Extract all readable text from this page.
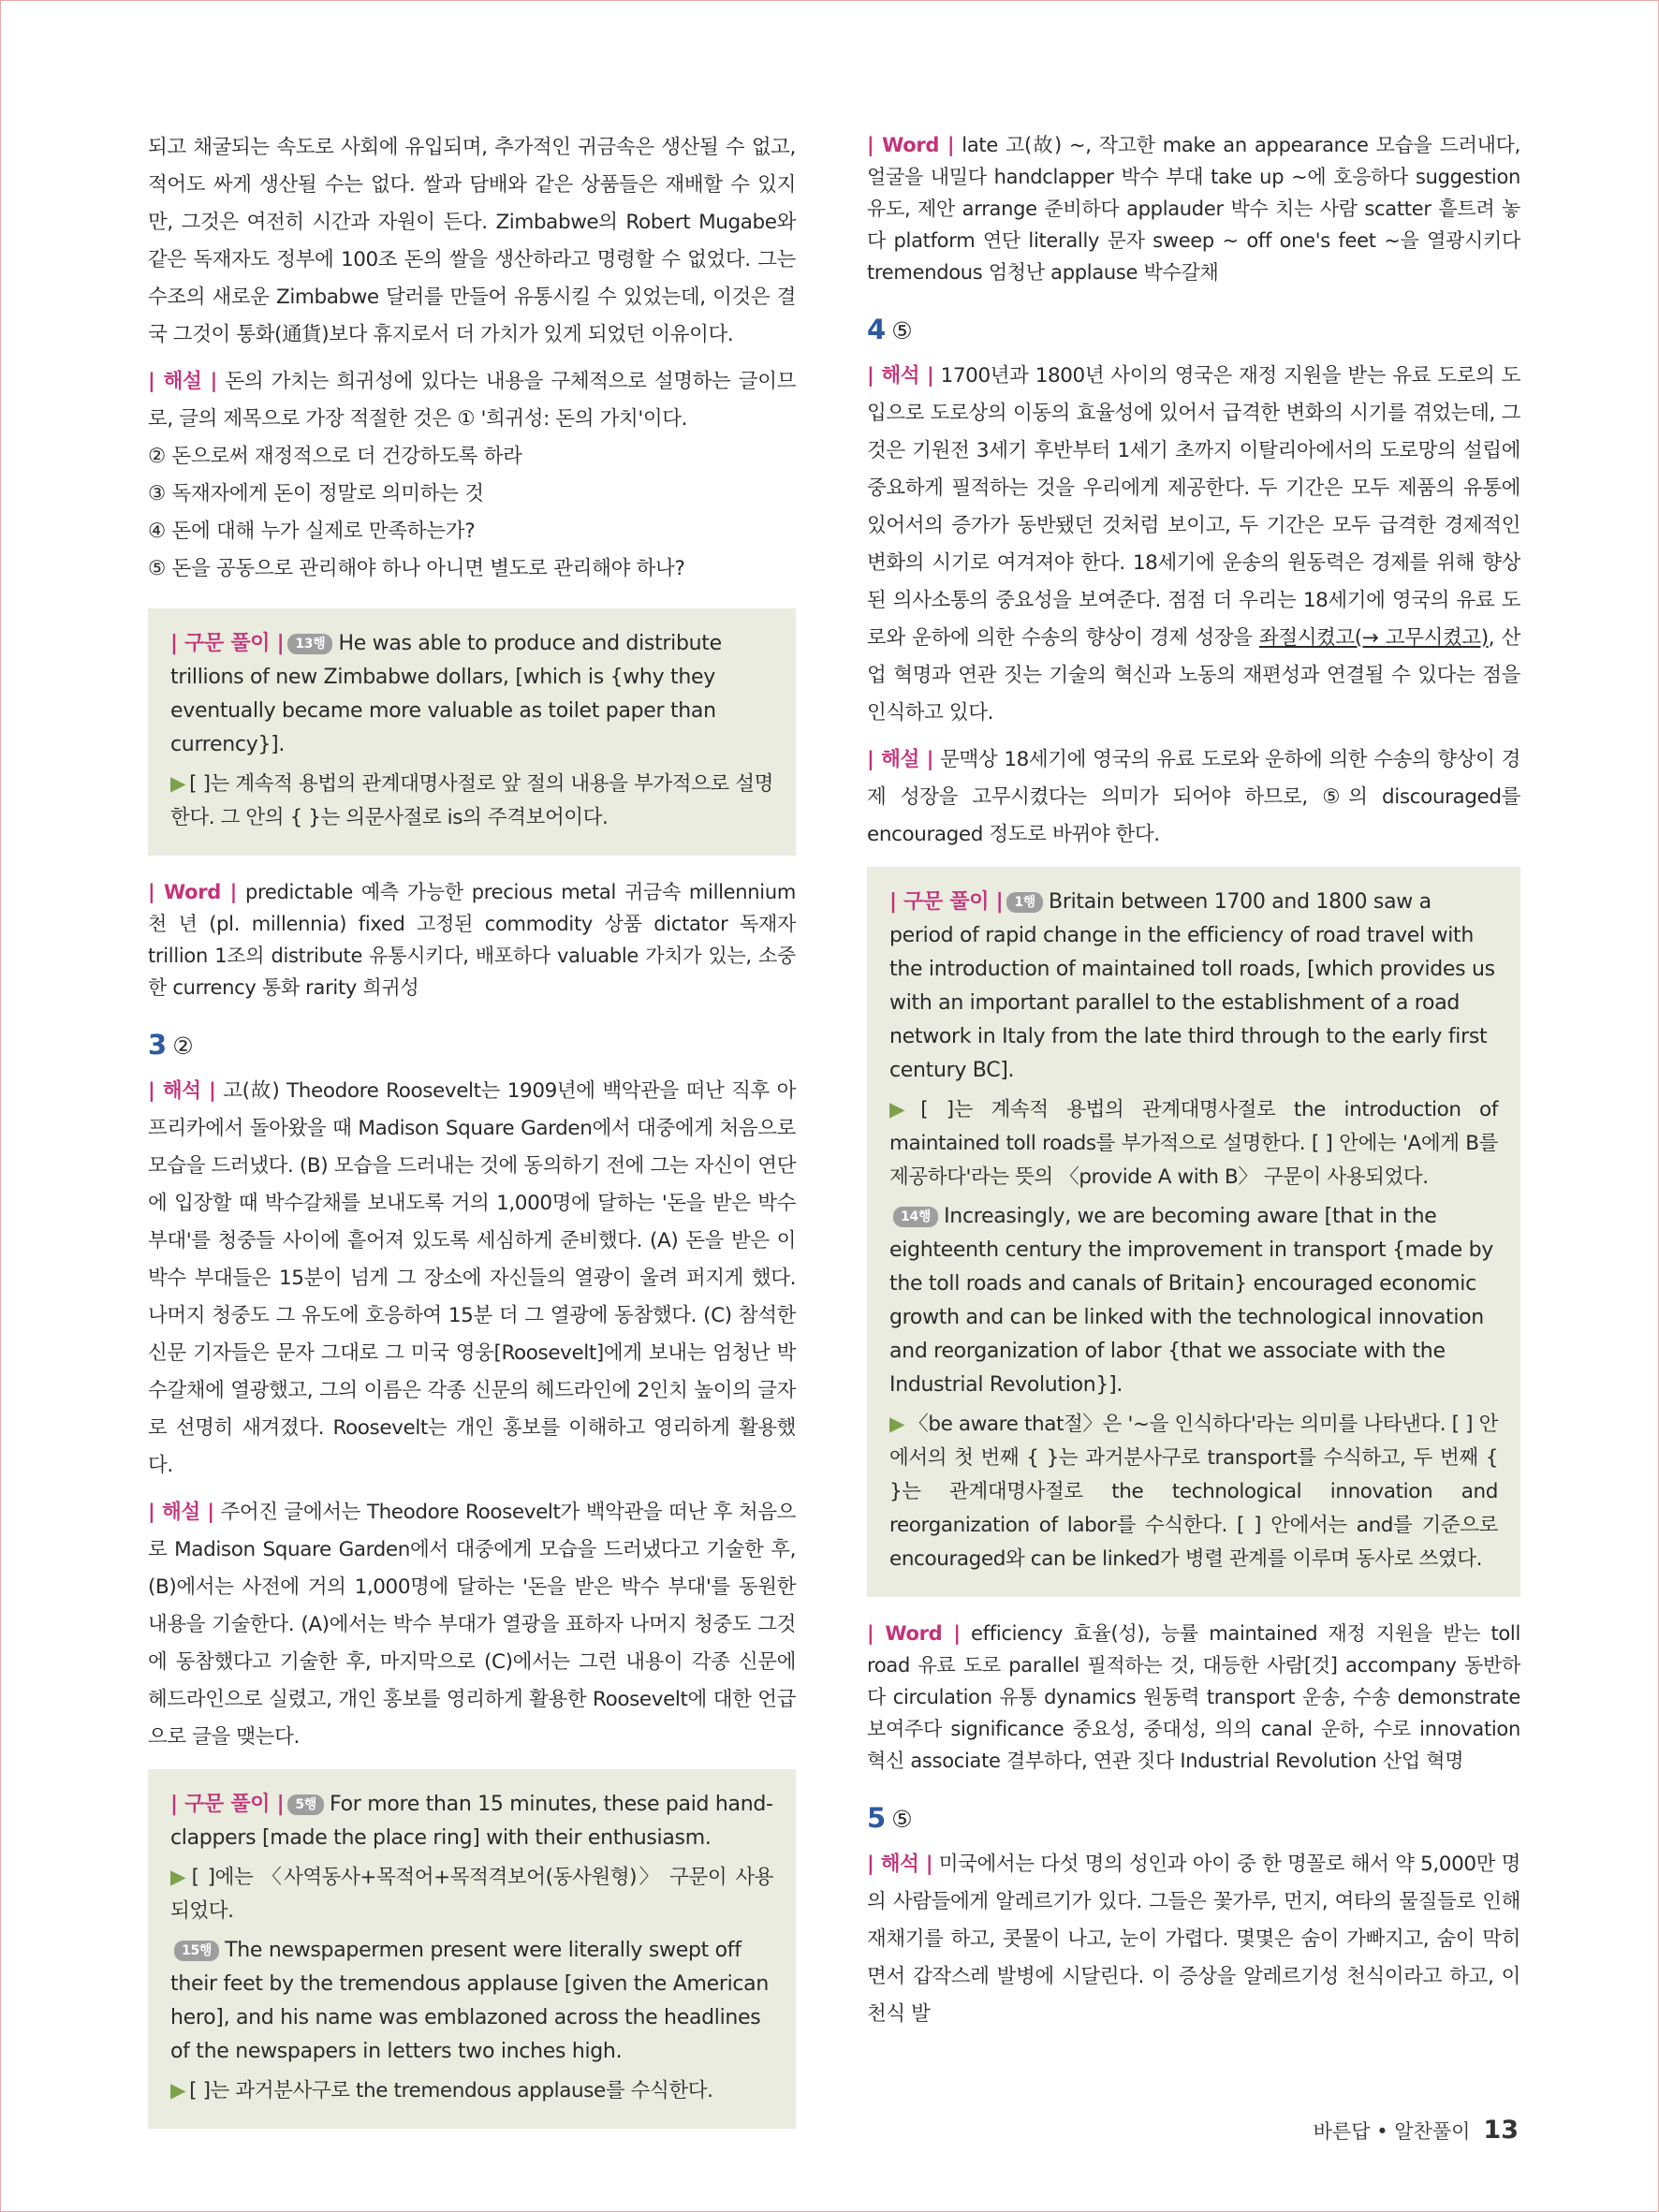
되고 채굴되는 속도로 사회에 유입되며, 추가적인 귀금속은 생산될 수 없고, 적어도 싸게 생산될 수는 없다. 쌀과 담배와 같은 상품들은 재배할 수 있지만, 그것은 여전히 시간과 자원이 든다. Zimbabwe의 Robert Mugabe와 같은 독재자도 정부에 100조 돈의 쌀을 생산하라고 명령할 수 없었다. 그는 수조의 새로운 Zimbabwe 달러를 만들어 유통시킬 수 있었는데, 이것은 결국 그것이 통화(通貨)보다 휴지로서 더 가치가 있게 되었던 이유이다.

| 해설 | 돈의 가치는 희귀성에 있다는 내용을 구체적으로 설명하는 글이므로, 글의 제목으로 가장 적절한 것은 ① '희귀성: 돈의 가치'이다.

② 돈으로써 재정적으로 더 건강하도록 하라

③ 독재자에게 돈이 정말로 의미하는 것

④ 돈에 대해 누가 실제로 만족하는가?

⑤ 돈을 공동으로 관리해야 하나 아니면 별도로 관리해야 하나?

| 구문 풀이 | 13행 He was able to produce and distribute trillions of new Zimbabwe dollars, [which is {why they eventually became more valuable as toilet paper than currency}].

▶ [ ]는 계속적 용법의 관계대명사절로 앞 절의 내용을 부가적으로 설명한다. 그 안의 { }는 의문사절로 is의 주격보어이다.

| Word | predictable 예측 가능한 precious metal 귀금속 millennium 천 년 (pl. millennia) fixed 고정된 commodity 상품 dictator 독재자 trillion 1조의 distribute 유통시키다, 배포하다 valuable 가치가 있는, 소중한 currency 통화 rarity 희귀성

3 ②

| 해석 | 고(故) Theodore Roosevelt는 1909년에 백악관을 떠난 직후 아프리카에서 돌아왔을 때 Madison Square Garden에서 대중에게 처음으로 모습을 드러냈다. (B) 모습을 드러내는 것에 동의하기 전에 그는 자신이 연단에 입장할 때 박수갈채를 보내도록 거의 1,000명에 달하는 '돈을 받은 박수 부대'를 청중들 사이에 흩어져 있도록 세심하게 준비했다. (A) 돈을 받은 이 박수 부대들은 15분이 넘게 그 장소에 자신들의 열광이 울려 퍼지게 했다. 나머지 청중도 그 유도에 호응하여 15분 더 그 열광에 동참했다. (C) 참석한 신문 기자들은 문자 그대로 그 미국 영웅[Roosevelt]에게 보내는 엄청난 박수갈채에 열광했고, 그의 이름은 각종 신문의 헤드라인에 2인치 높이의 글자로 선명히 새겨졌다. Roosevelt는 개인 홍보를 이해하고 영리하게 활용했다.

| 해설 | 주어진 글에서는 Theodore Roosevelt가 백악관을 떠난 후 처음으로 Madison Square Garden에서 대중에게 모습을 드러냈다고 기술한 후, (B)에서는 사전에 거의 1,000명에 달하는 '돈을 받은 박수 부대'를 동원한 내용을 기술한다. (A)에서는 박수 부대가 열광을 표하자 나머지 청중도 그것에 동참했다고 기술한 후, 마지막으로 (C)에서는 그런 내용이 각종 신문에 헤드라인으로 실렸고, 개인 홍보를 영리하게 활용한 Roosevelt에 대한 언급으로 글을 맺는다.

| 구문 풀이 | 5행 For more than 15 minutes, these paid hand-clappers [made the place ring] with their enthusiasm.

▶ [ ]에는 〈사역동사+목적어+목적격보어(동사원형)〉 구문이 사용되었다.

15행 The newspapermen present were literally swept off their feet by the tremendous applause [given the American hero], and his name was emblazoned across the headlines of the newspapers in letters two inches high.

▶ [ ]는 과거분사구로 the tremendous applause를 수식한다.

| Word | late 고(故) ~, 작고한 make an appearance 모습을 드러내다, 얼굴을 내밀다 handclapper 박수 부대 take up ~에 호응하다 suggestion 유도, 제안 arrange 준비하다 applauder 박수 치는 사람 scatter 흩트려 놓다 platform 연단 literally 문자 sweep ~ off one's feet ~을 열광시키다 tremendous 엄청난 applause 박수갈채

4 ⑤

| 해석 | 1700년과 1800년 사이의 영국은 재정 지원을 받는 유료 도로의 도입으로 도로상의 이동의 효율성에 있어서 급격한 변화의 시기를 겪었는데, 그것은 기원전 3세기 후반부터 1세기 초까지 이탈리아에서의 도로망의 설립에 중요하게 필적하는 것을 우리에게 제공한다. 두 기간은 모두 제품의 유통에 있어서의 증가가 동반됐던 것처럼 보이고, 두 기간은 모두 급격한 경제적인 변화의 시기로 여겨져야 한다. 18세기에 운송의 원동력은 경제를 위해 향상된 의사소통의 중요성을 보여준다. 점점 더 우리는 18세기에 영국의 유료 도로와 운하에 의한 수송의 향상이 경제 성장을 좌절시켰고(→ 고무시켰고), 산업 혁명과 연관 짓는 기술의 혁신과 노동의 재편성과 연결될 수 있다는 점을 인식하고 있다.

| 해설 | 문맥상 18세기에 영국의 유료 도로와 운하에 의한 수송의 향상이 경제 성장을 고무시켰다는 의미가 되어야 하므로, ⑤의 discouraged를 encouraged 정도로 바뀌야 한다.

| 구문 풀이 | 1행 Britain between 1700 and 1800 saw a period of rapid change in the efficiency of road travel with the introduction of maintained toll roads, [which provides us with an important parallel to the establishment of a road network in Italy from the late third through to the early first century BC].

▶ [ ]는 계속적 용법의 관계대명사절로 the introduction of maintained toll roads를 부가적으로 설명한다. [ ] 안에는 'A에게 B를 제공하다'라는 뜻의 〈provide A with B〉 구문이 사용되었다.

14행 Increasingly, we are becoming aware [that in the eighteenth century the improvement in transport {made by the toll roads and canals of Britain} encouraged economic growth and can be linked with the technological innovation and reorganization of labor {that we associate with the Industrial Revolution}].

▶ 〈be aware that절〉은 '~을 인식하다'라는 의미를 나타낸다. [ ] 안에서의 첫 번째 { }는 과거분사구로 transport를 수식하고, 두 번째 { }는 관계대명사절로 the technological innovation and reorganization of labor를 수식한다. [ ] 안에서는 and를 기준으로 encouraged와 can be linked가 병렬 관계를 이루며 동사로 쓰였다.

| Word | efficiency 효율(성), 능률 maintained 재정 지원을 받는 toll road 유료 도로 parallel 필적하는 것, 대등한 사람[것] accompany 동반하다 circulation 유통 dynamics 원동력 transport 운송, 수송 demonstrate 보여주다 significance 중요성, 중대성, 의의 canal 운하, 수로 innovation 혁신 associate 결부하다, 연관 짓다 Industrial Revolution 산업 혁명

5 ⑤

| 해석 | 미국에서는 다섯 명의 성인과 아이 중 한 명꼴로 해서 약 5,000만 명의 사람들에게 알레르기가 있다. 그들은 꽃가루, 먼지, 여타의 물질들로 인해 재채기를 하고, 콧물이 나고, 눈이 가렵다. 몇몇은 숨이 가빠지고, 숨이 막히면서 갑작스레 발병에 시달린다. 이 증상을 알레르기성 천식이라고 하고, 이 천식 발

바른답 • 알찬풀이 13
